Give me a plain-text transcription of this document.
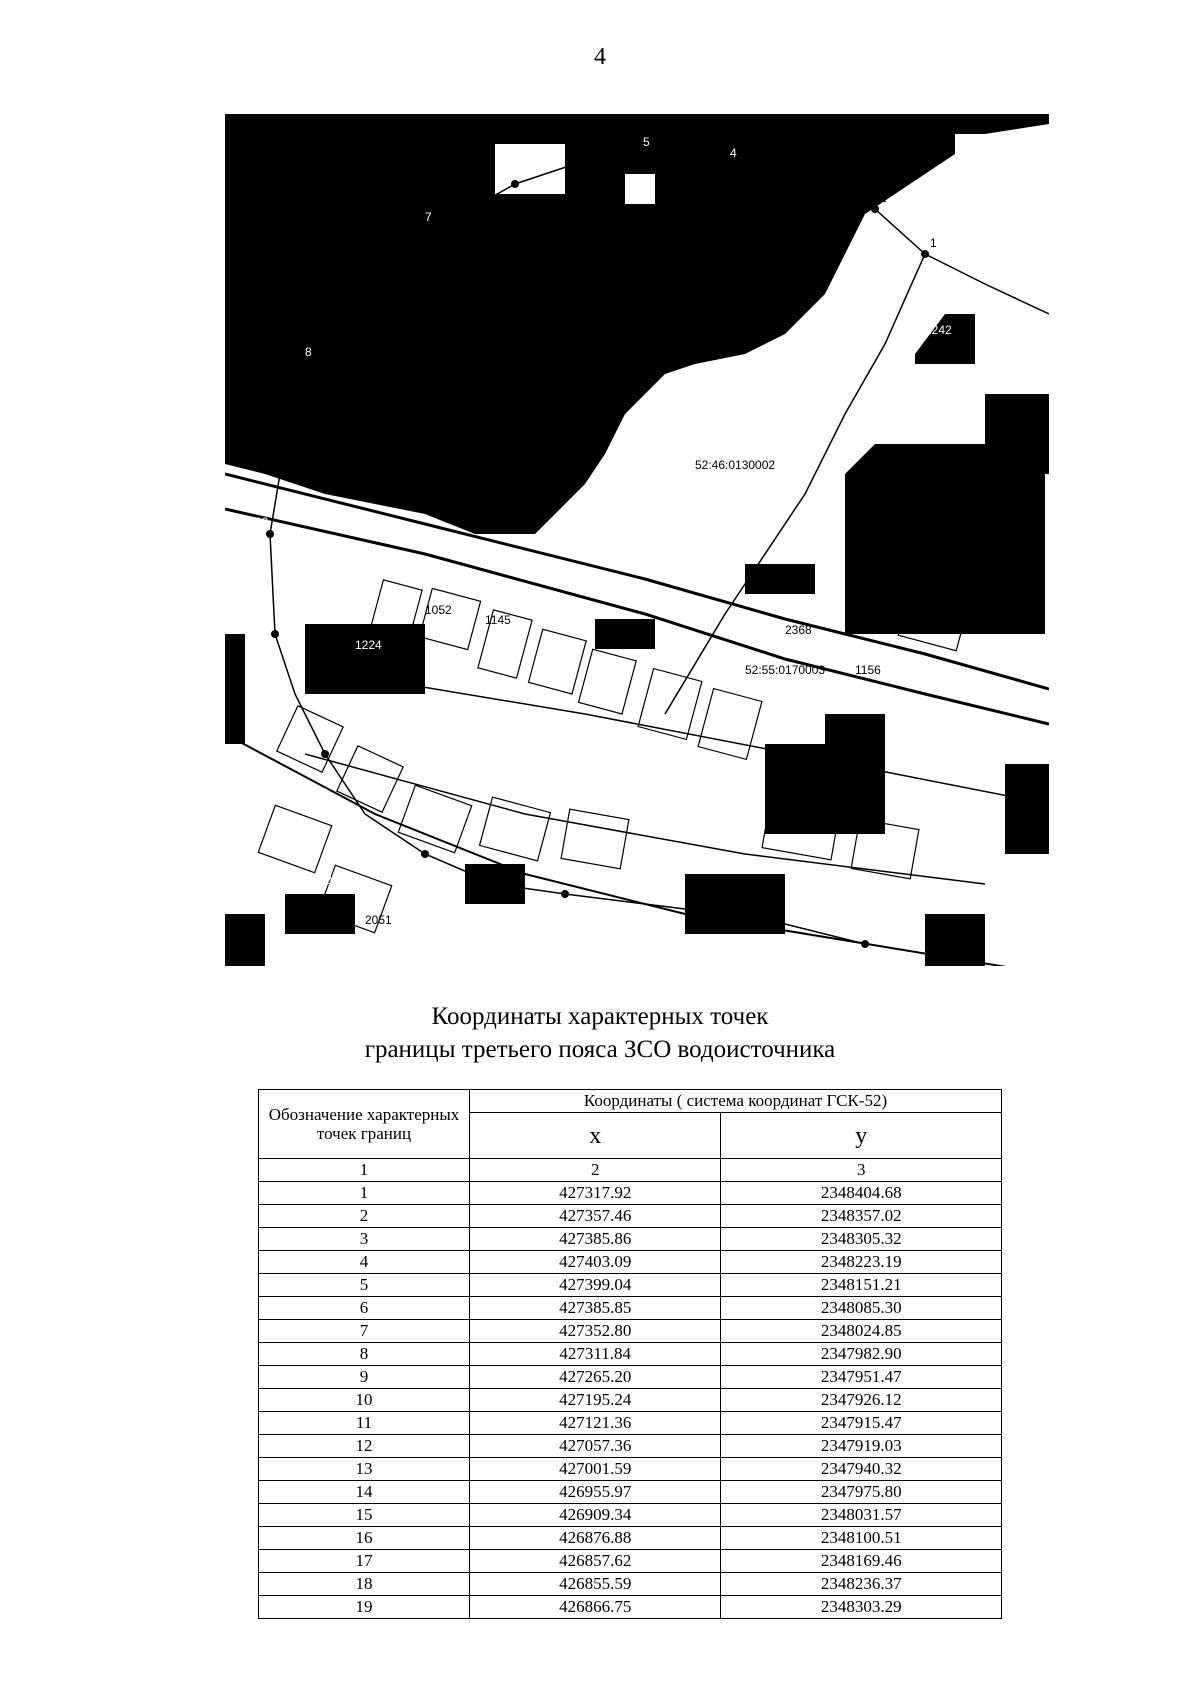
4
1
2
3
4
5
6
7
8
10
11
52:46:0130002
52:55:0170003
2368
1156
1052
1145
1216
1224
1030
1242
2363
2051
Координаты характерных точек
границы третьего пояса ЗСО водоисточника
Обозначение характерных точек границ	Координаты ( система координат ГСК-52)	
	x	y
1	2	3
1	427317.92	2348404.68
2	427357.46	2348357.02
3	427385.86	2348305.32
4	427403.09	2348223.19
5	427399.04	2348151.21
6	427385.85	2348085.30
7	427352.80	2348024.85
8	427311.84	2347982.90
9	427265.20	2347951.47
10	427195.24	2347926.12
11	427121.36	2347915.47
12	427057.36	2347919.03
13	427001.59	2347940.32
14	426955.97	2347975.80
15	426909.34	2348031.57
16	426876.88	2348100.51
17	426857.62	2348169.46
18	426855.59	2348236.37
19	426866.75	2348303.29
